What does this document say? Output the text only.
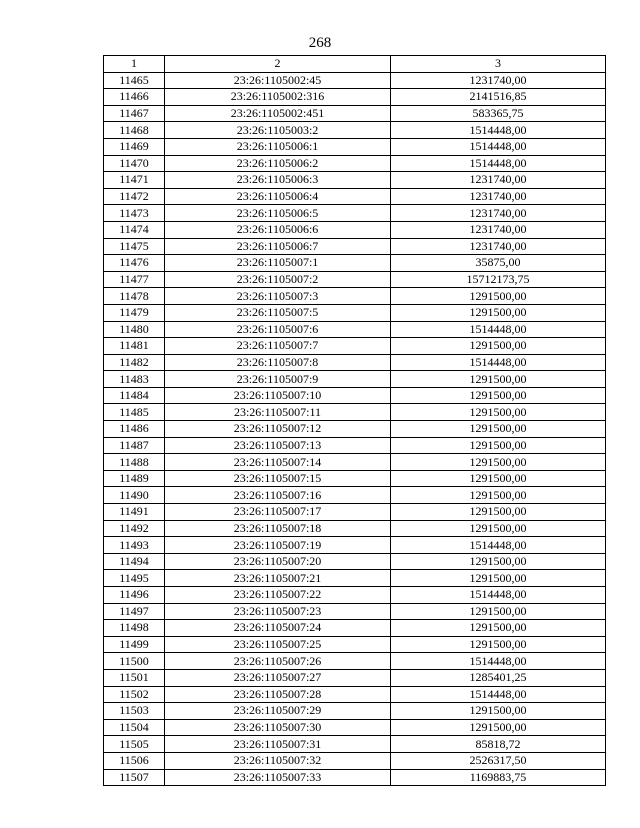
268
1	2	3
11465	23:26:1105002:45	1231740,00
11466	23:26:1105002:316	2141516,85
11467	23:26:1105002:451	583365,75
11468	23:26:1105003:2	1514448,00
11469	23:26:1105006:1	1514448,00
11470	23:26:1105006:2	1514448,00
11471	23:26:1105006:3	1231740,00
11472	23:26:1105006:4	1231740,00
11473	23:26:1105006:5	1231740,00
11474	23:26:1105006:6	1231740,00
11475	23:26:1105006:7	1231740,00
11476	23:26:1105007:1	35875,00
11477	23:26:1105007:2	15712173,75
11478	23:26:1105007:3	1291500,00
11479	23:26:1105007:5	1291500,00
11480	23:26:1105007:6	1514448,00
11481	23:26:1105007:7	1291500,00
11482	23:26:1105007:8	1514448,00
11483	23:26:1105007:9	1291500,00
11484	23:26:1105007:10	1291500,00
11485	23:26:1105007:11	1291500,00
11486	23:26:1105007:12	1291500,00
11487	23:26:1105007:13	1291500,00
11488	23:26:1105007:14	1291500,00
11489	23:26:1105007:15	1291500,00
11490	23:26:1105007:16	1291500,00
11491	23:26:1105007:17	1291500,00
11492	23:26:1105007:18	1291500,00
11493	23:26:1105007:19	1514448,00
11494	23:26:1105007:20	1291500,00
11495	23:26:1105007:21	1291500,00
11496	23:26:1105007:22	1514448,00
11497	23:26:1105007:23	1291500,00
11498	23:26:1105007:24	1291500,00
11499	23:26:1105007:25	1291500,00
11500	23:26:1105007:26	1514448,00
11501	23:26:1105007:27	1285401,25
11502	23:26:1105007:28	1514448,00
11503	23:26:1105007:29	1291500,00
11504	23:26:1105007:30	1291500,00
11505	23:26:1105007:31	85818,72
11506	23:26:1105007:32	2526317,50
11507	23:26:1105007:33	1169883,75
